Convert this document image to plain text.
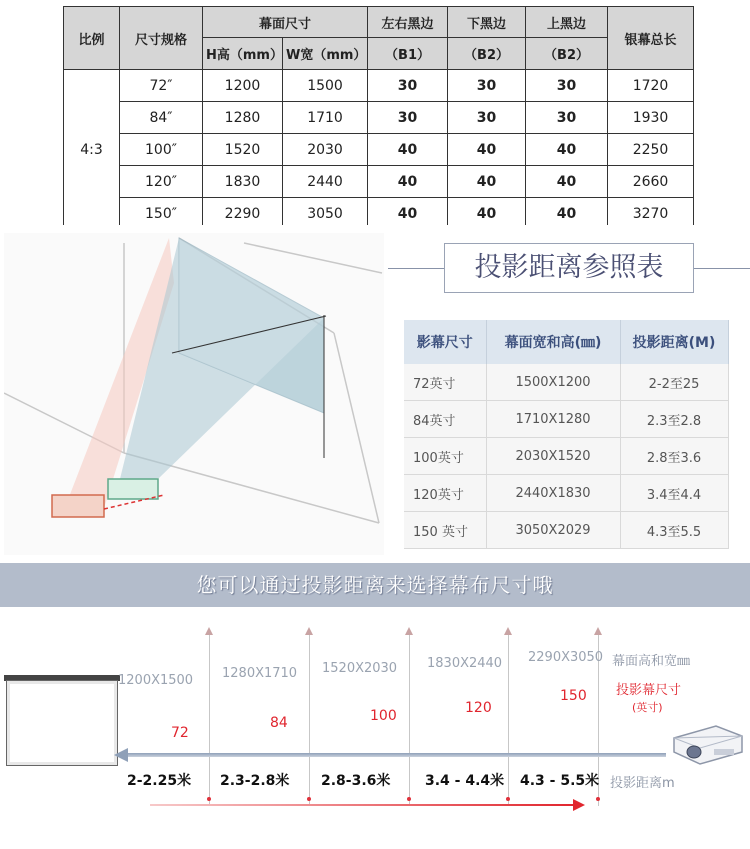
比例	尺寸规格	幕面尺寸		左右黑边	下黑边	上黑边	银幕总长
		H高（mm）	W宽（mm）	（B1）	（B2）	（B2）	
4:3	72″	1200	1500	30	30	30	1720
	84″	1280	1710	30	30	30	1930
	100″	1520	2030	40	40	40	2250
	120″	1830	2440	40	40	40	2660
	150″	2290	3050	40	40	40	3270
投影距离参照表
影幕尺寸	幕面宽和高(㎜)	投影距离(M)
72英寸	1500X1200	2-2至25
84英寸	1710X1280	2.3至2.8
100英寸	2030X1520	2.8至3.6
120英寸	2440X1830	3.4至4.4
150 英寸	3050X2029	4.3至5.5
您可以通过投影距离来选择幕布尺寸哦
1200X1500 1280X1710 1520X2030 1830X2440 2290X3050
72
84	100	120
150
2-2.25米 2.3-2.8米 2.8-3.6米 3.4 - 4.4米 4.3 - 5.5米
幕面高和宽㎜
投影幕尺寸
(英寸)
投影距离m
